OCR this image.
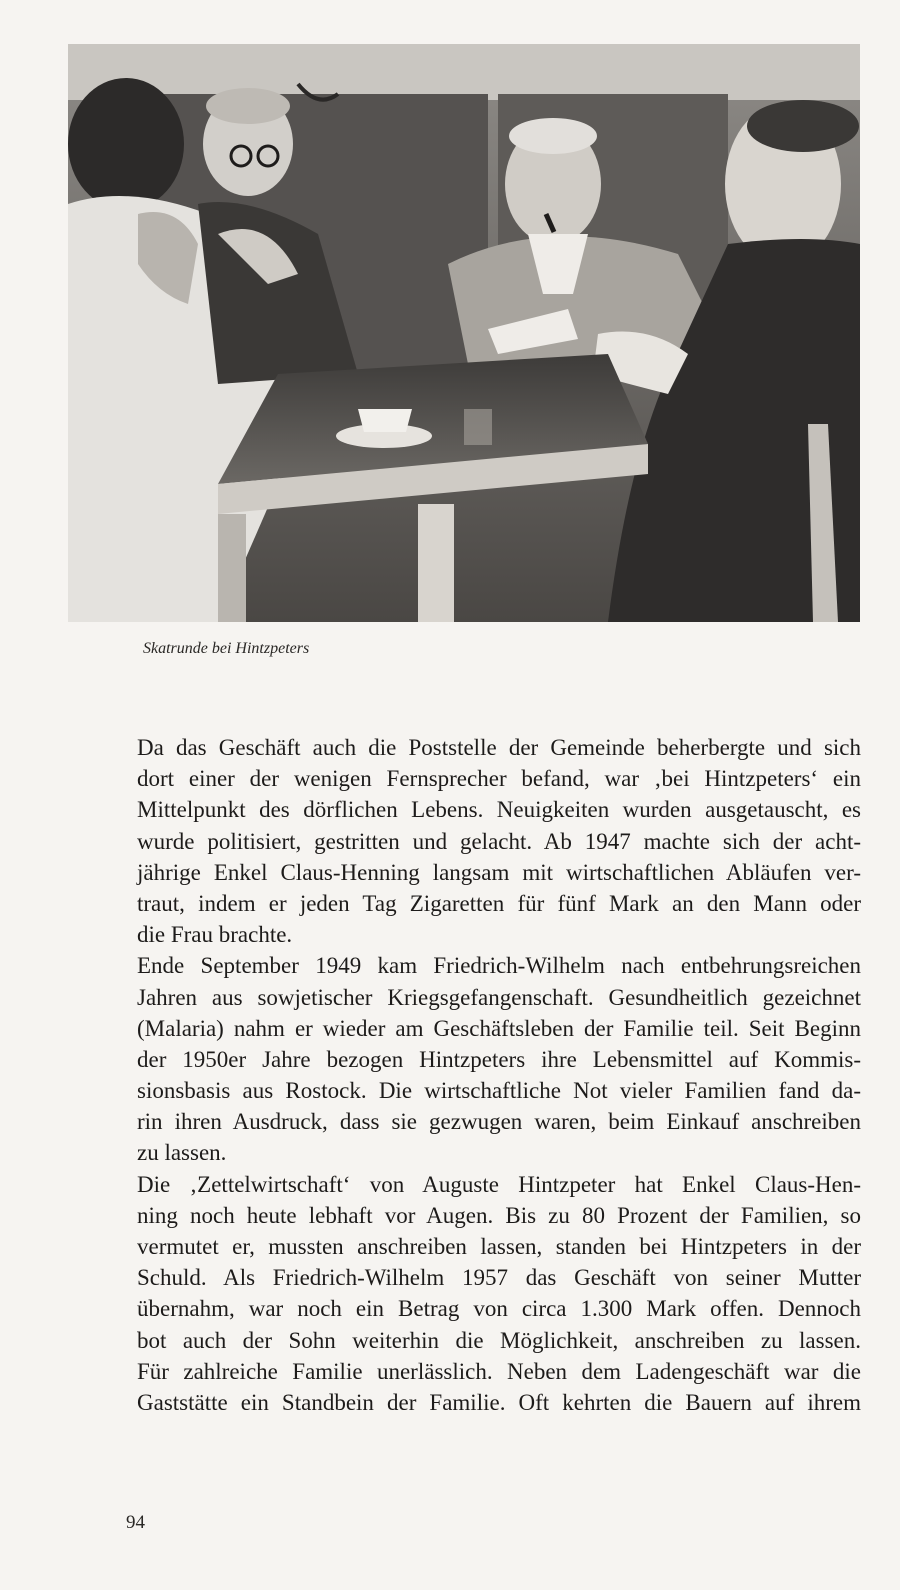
Skatrunde bei Hintzpeters
Da das Geschäft auch die Poststelle der Gemeinde beherbergte und sich
dort einer der wenigen Fernsprecher befand, war ‚bei Hintzpeters‘ ein
Mittelpunkt des dörflichen Lebens. Neuigkeiten wurden ausgetauscht, es
wurde politisiert, gestritten und gelacht. Ab 1947 machte sich der acht-
jährige Enkel Claus-Henning langsam mit wirtschaftlichen Abläufen ver-
traut, indem er jeden Tag Zigaretten für fünf Mark an den Mann oder
die Frau brachte.
Ende September 1949 kam Friedrich-Wilhelm nach entbehrungsreichen
Jahren aus sowjetischer Kriegsgefangenschaft. Gesundheitlich gezeichnet
(Malaria) nahm er wieder am Geschäftsleben der Familie teil. Seit Beginn
der 1950er Jahre bezogen Hintzpeters ihre Lebensmittel auf Kommis-
sionsbasis aus Rostock. Die wirtschaftliche Not vieler Familien fand da-
rin ihren Ausdruck, dass sie gezwugen waren, beim Einkauf anschreiben
zu lassen.
Die ‚Zettelwirtschaft‘ von Auguste Hintzpeter hat Enkel Claus-Hen-
ning noch heute lebhaft vor Augen. Bis zu 80 Prozent der Familien, so
vermutet er, mussten anschreiben lassen, standen bei Hintzpeters in der
Schuld. Als Friedrich-Wilhelm 1957 das Geschäft von seiner Mutter
übernahm, war noch ein Betrag von circa 1.300 Mark offen. Dennoch
bot auch der Sohn weiterhin die Möglichkeit, anschreiben zu lassen.
Für zahlreiche Familie unerlässlich. Neben dem Ladengeschäft war die
Gaststätte ein Standbein der Familie. Oft kehrten die Bauern auf ihrem
94
